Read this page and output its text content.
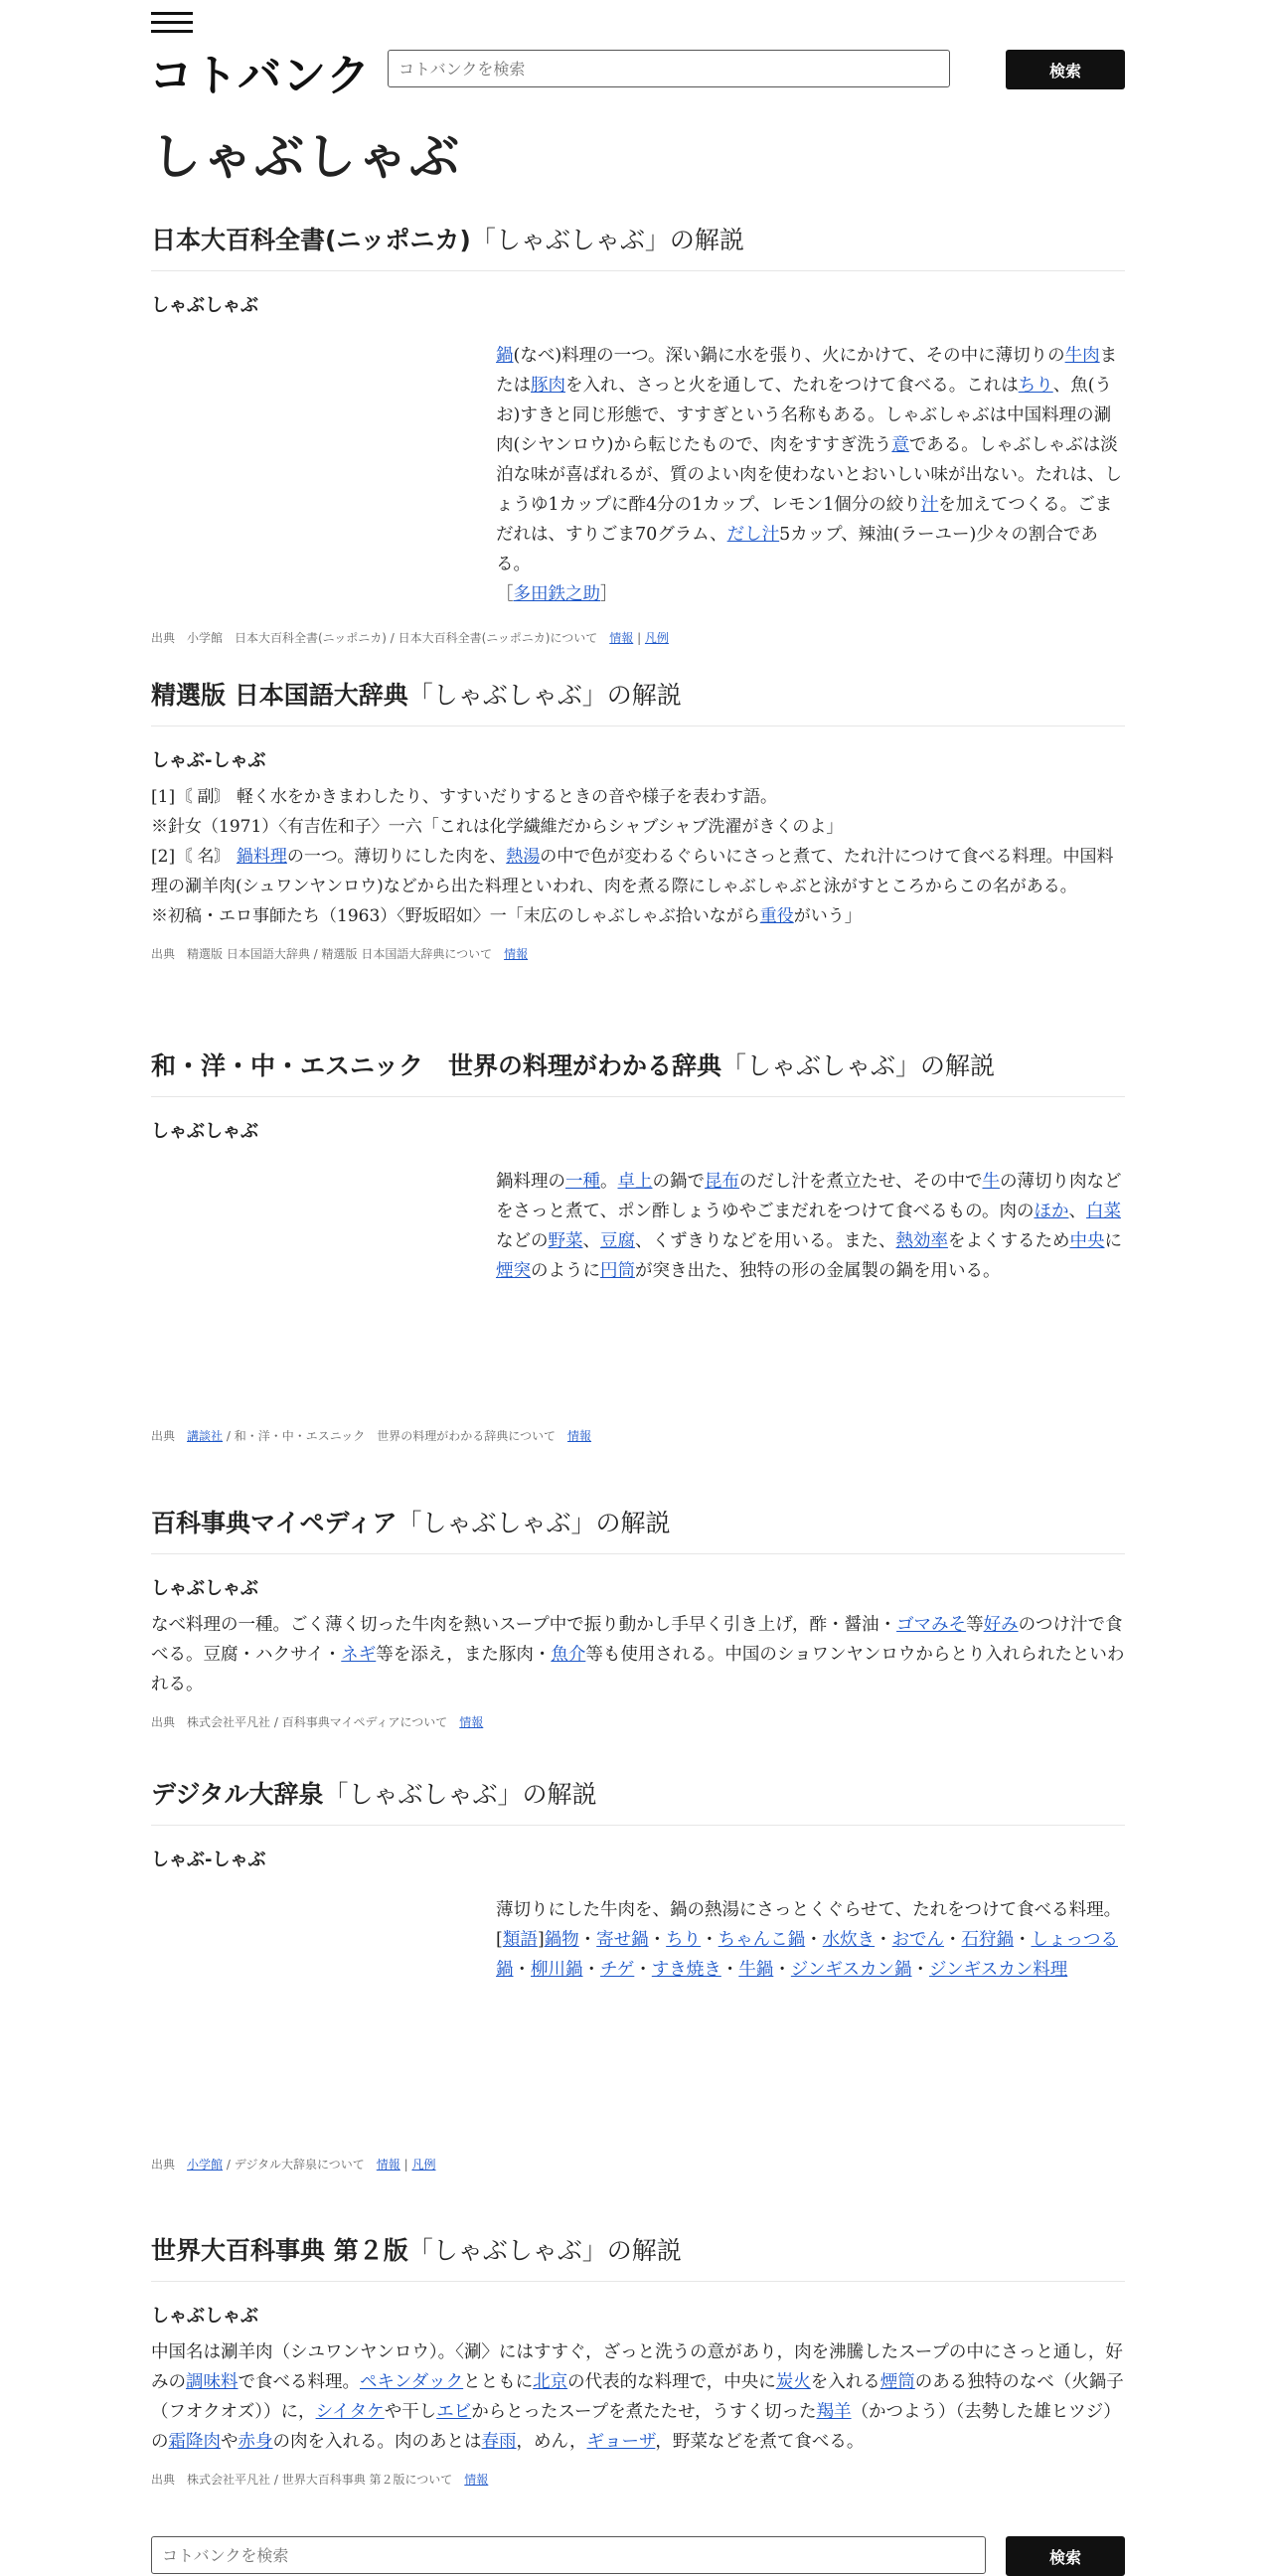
コトバンク
コトバンクを検索	検索
しゃぶしゃぶ
日本大百科全書(ニッポニカ)「しゃぶしゃぶ」の解説
しゃぶしゃぶ

鍋(なべ)料理の一つ。深い鍋に水を張り、火にかけて、その中に薄切りの牛肉または豚肉を入れ、さっと火を通して、たれをつけて食べる。これはちり、魚(うお)すきと同じ形態で、すすぎという名称もある。しゃぶしゃぶは中国料理の涮肉(シヤンロウ)から転じたもので、肉をすすぎ洗う意である。しゃぶしゃぶは淡泊な味が喜ばれるが、質のよい肉を使わないとおいしい味が出ない。たれは、しょうゆ1カップに酢4分の1カップ、レモン1個分の絞り汁を加えてつくる。ごまだれは、すりごま70グラム、だし汁5カップ、辣油(ラーユー)少々の割合である。

［多田鉄之助］

出典　小学館　日本大百科全書(ニッポニカ) / 日本大百科全書(ニッポニカ)について　 情報 | 凡例
精選版 日本国語大辞典「しゃぶしゃぶ」の解説
しゃぶ‐しゃぶ

[1]〘 副〙 軽く水をかきまわしたり、すすいだりするときの音や様子を表わす語。

※針女（1971）〈有吉佐和子〉一六「これは化学繊維だからシャブシャブ洗濯がきくのよ」

[2]〘 名〙 鍋料理の一つ。薄切りにした肉を、熱湯の中で色が変わるぐらいにさっと煮て、たれ汁につけて食べる料理。中国料理の涮羊肉(シュワンヤンロウ)などから出た料理といわれ、肉を煮る際にしゃぶしゃぶと泳がすところからこの名がある。

※初稿・エロ事師たち（1963）〈野坂昭如〉一「末広のしゃぶしゃぶ拾いながら重役がいう」

出典　精選版 日本国語大辞典 / 精選版 日本国語大辞典について　 情報
和・洋・中・エスニック　世界の料理がわかる辞典「しゃぶしゃぶ」の解説
しゃぶしゃぶ

鍋料理の一種。卓上の鍋で昆布のだし汁を煮立たせ、その中で牛の薄切り肉などをさっと煮て、ポン酢しょうゆやごまだれをつけて食べるもの。肉のほか、白菜などの野菜、豆腐、くずきりなどを用いる。また、熱効率をよくするため中央に煙突のように円筒が突き出た、独特の形の金属製の鍋を用いる。

出典　 講談社 / 和・洋・中・エスニック　世界の料理がわかる辞典について　 情報
百科事典マイペディア「しゃぶしゃぶ」の解説
しゃぶしゃぶ

なべ料理の一種。ごく薄く切った牛肉を熱いスープ中で振り動かし手早く引き上げ，酢・醤油・ゴマみそ等好みのつけ汁で食べる。豆腐・ハクサイ・ネギ等を添え，また豚肉・魚介等も使用される。中国のショワンヤンロウからとり入れられたといわれる。

出典　株式会社平凡社 / 百科事典マイペディアについて　 情報
デジタル大辞泉「しゃぶしゃぶ」の解説
しゃぶ‐しゃぶ

薄切りにした牛肉を、鍋の熱湯にさっとくぐらせて、たれをつけて食べる料理。

[類語]鍋物・寄せ鍋・ちり・ちゃんこ鍋・水炊き・おでん・石狩鍋・しょっつる鍋・柳川鍋・チゲ・すき焼き・牛鍋・ジンギスカン鍋・ジンギスカン料理

出典　 小学館 / デジタル大辞泉について　 情報 | 凡例
世界大百科事典 第２版「しゃぶしゃぶ」の解説
しゃぶしゃぶ

中国名は涮羊肉（シユワンヤンロウ）。〈涮〉にはすすぐ，ざっと洗うの意があり，肉を沸騰したスープの中にさっと通し，好みの調味料で食べる料理。ペキンダックとともに北京の代表的な料理で，中央に炭火を入れる煙筒のある独特のなべ（火鍋子（フオクオズ））に，シイタケや干しエビからとったスープを煮たたせ，うすく切った羯羊（かつよう）（去勢した雄ヒツジ）の霜降肉や赤身の肉を入れる。肉のあとは春雨，めん，ギョーザ，野菜などを煮て食べる。

出典　株式会社平凡社 / 世界大百科事典 第２版について　 情報
コトバンクを検索
検索
